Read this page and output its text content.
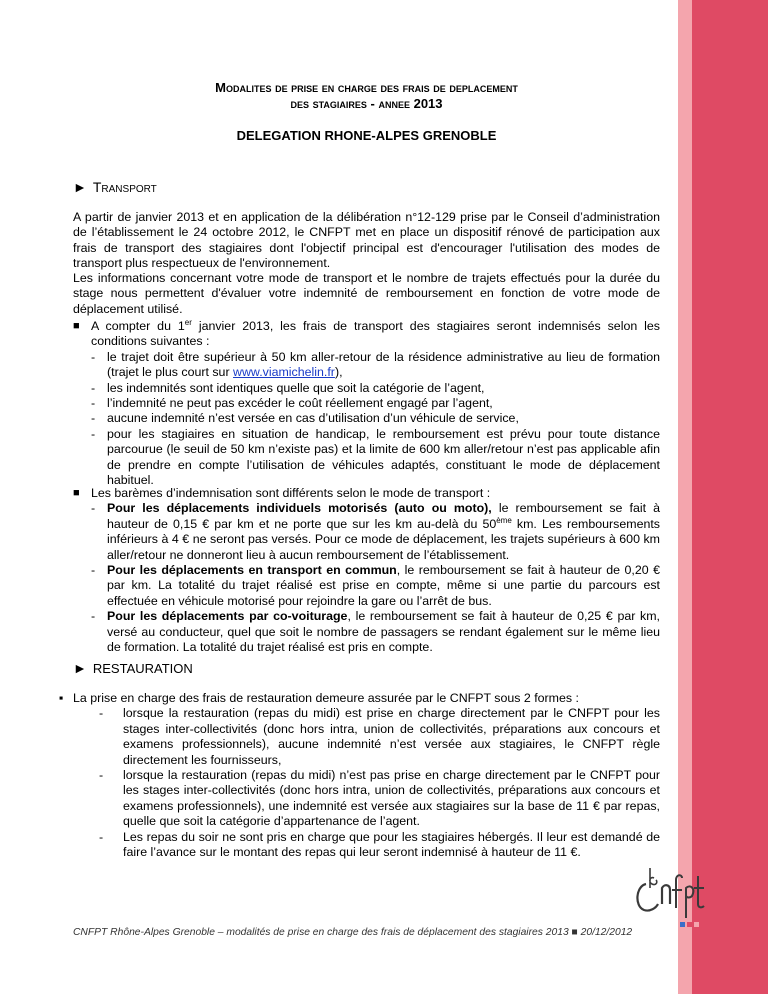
Modalites de prise en charge des frais de deplacement
des stagiaires - annee 2013
DELEGATION RHONE-ALPES GRENOBLE
► Transport
A partir de janvier 2013 et en application de la délibération n°12-129 prise par le Conseil d’administration de l’établissement le 24 octobre 2012, le CNFPT met en place un dispositif rénové de participation aux frais de transport des stagiaires dont l'objectif principal est d'encourager l'utilisation des modes de transport plus respectueux de l'environnement.
Les informations concernant votre mode de transport et le nombre de trajets effectués pour la durée du stage nous permettent d'évaluer votre indemnité de remboursement en fonction de votre mode de déplacement utilisé.
■ A compter du 1er janvier 2013, les frais de transport des stagiaires seront indemnisés selon les conditions suivantes :
- le trajet doit être supérieur à 50 km aller-retour de la résidence administrative au lieu de formation (trajet le plus court sur www.viamichelin.fr),
- les indemnités sont identiques quelle que soit la catégorie de l’agent,
- l’indemnité ne peut pas excéder le coût réellement engagé par l’agent,
- aucune indemnité n’est versée en cas d’utilisation d’un véhicule de service,
- pour les stagiaires en situation de handicap, le remboursement est prévu pour toute distance parcourue (le seuil de 50 km n’existe pas) et la limite de 600 km aller/retour n’est pas applicable afin de prendre en compte l’utilisation de véhicules adaptés, constituant le mode de déplacement habituel.
■ Les barèmes d’indemnisation sont différents selon le mode de transport :
- Pour les déplacements individuels motorisés (auto ou moto), le remboursement se fait à hauteur de 0,15 € par km et ne porte que sur les km au-delà du 50ème km. Les remboursements inférieurs à 4 € ne seront pas versés. Pour ce mode de déplacement, les trajets supérieurs à 600 km aller/retour ne donneront lieu à aucun remboursement de l’établissement.
- Pour les déplacements en transport en commun, le remboursement se fait à hauteur de 0,20 € par km. La totalité du trajet réalisé est prise en compte, même si une partie du parcours est effectuée en véhicule motorisé pour rejoindre la gare ou l’arrêt de bus.
- Pour les déplacements par co-voiturage, le remboursement se fait à hauteur de 0,25 € par km, versé au conducteur, quel que soit le nombre de passagers se rendant également sur le même lieu de formation. La totalité du trajet réalisé est pris en compte.
► RESTAURATION
▪ La prise en charge des frais de restauration demeure assurée par le CNFPT sous 2 formes :
-	lorsque la restauration (repas du midi) est prise en charge directement par le CNFPT pour les stages inter-collectivités (donc hors intra, union de collectivités, préparations aux concours et examens professionnels), aucune indemnité n’est versée aux stagiaires, le CNFPT règle directement les fournisseurs,
-	lorsque la restauration (repas du midi) n’est pas prise en charge directement par le CNFPT pour les stages inter-collectivités (donc hors intra, union de collectivités, préparations aux concours et examens professionnels), une indemnité est versée aux stagiaires sur la base de 11 € par repas, quelle que soit la catégorie d’appartenance de l’agent.
-	Les repas du soir ne sont pris en charge que pour les stagiaires hébergés. Il leur est demandé de faire l’avance sur le montant des repas qui leur seront indemnisé à hauteur de 11 €.
CNFPT Rhône-Alpes Grenoble – modalités de prise en charge des frais de déplacement des stagiaires 2013 ■ 20/12/2012
